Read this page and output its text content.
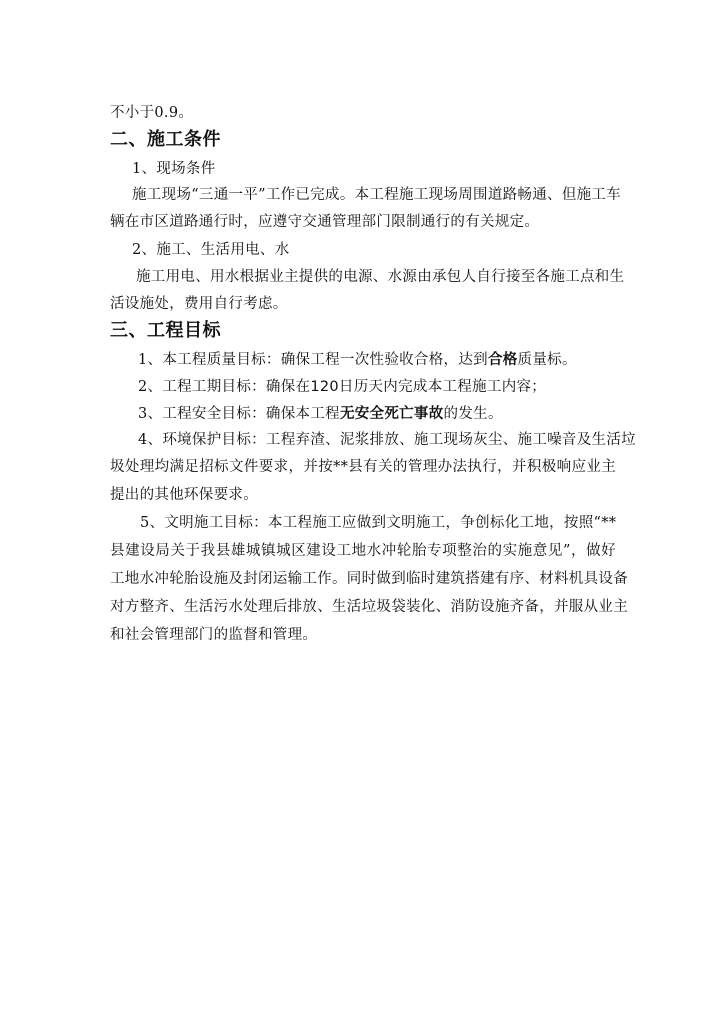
不小于0.9。
二、施工条件
1、现场条件
施工现场“三通一平”工作已完成。本工程施工现场周围道路畅通、但施工车
辆在市区道路通行时，应遵守交通管理部门限制通行的有关规定。
2、施工、生活用电、水
施工用电、用水根据业主提供的电源、水源由承包人自行接至各施工点和生
活设施处，费用自行考虑。
三、工程目标
1、本工程质量目标：确保工程一次性验收合格，达到合格质量标。
2、工程工期目标：确保在120日历天内完成本工程施工内容；
3、工程安全目标：确保本工程无安全死亡事故的发生。
4、环境保护目标：工程弃渣、泥浆排放、施工现场灰尘、施工噪音及生活垃
圾处理均满足招标文件要求，并按**县有关的管理办法执行，并积极响应业主
提出的其他环保要求。
5、文明施工目标：本工程施工应做到文明施工，争创标化工地，按照“**
县建设局关于我县雄城镇城区建设工地水冲轮胎专项整治的实施意见”，做好
工地水冲轮胎设施及封闭运输工作。同时做到临时建筑搭建有序、材料机具设备
对方整齐、生活污水处理后排放、生活垃圾袋装化、消防设施齐备，并服从业主
和社会管理部门的监督和管理。
